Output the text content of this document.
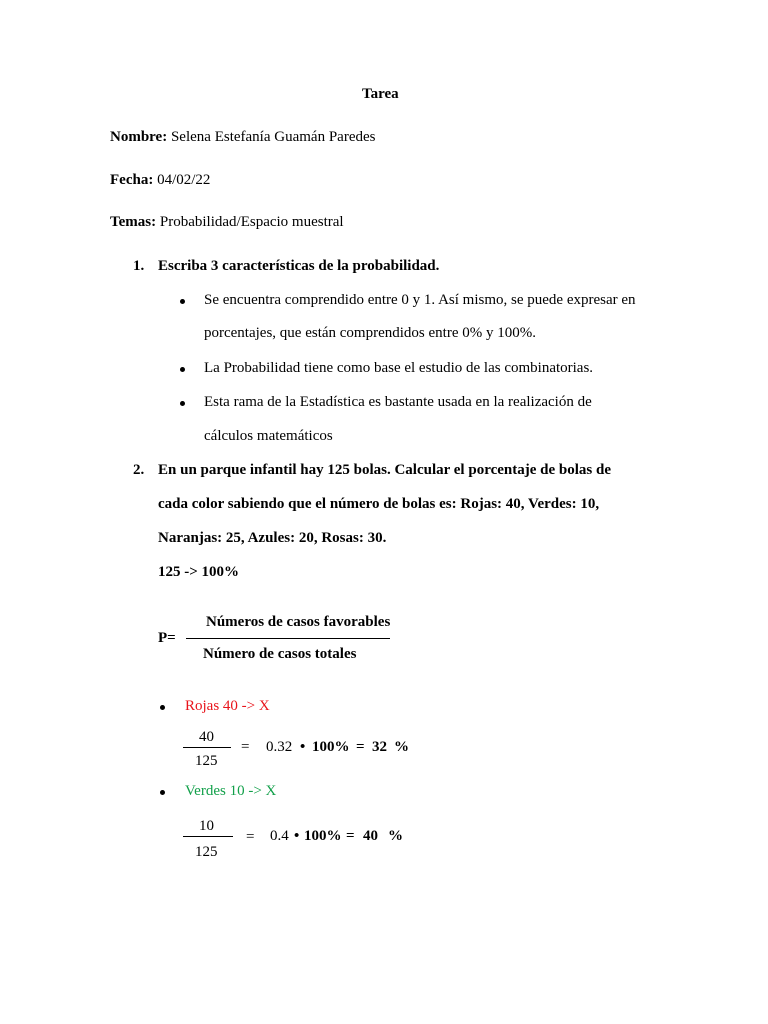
Tarea
Nombre: Selena Estefanía Guamán Paredes
Fecha: 04/02/22
Temas: Probabilidad/Espacio muestral
1. Escriba 3 características de la probabilidad.
Se encuentra comprendido entre 0 y 1. Así mismo, se puede expresar en
porcentajes, que están comprendidos entre 0% y 100%.
La Probabilidad tiene como base el estudio de las combinatorias.
Esta rama de la Estadística es bastante usada en la realización de
cálculos matemáticos
2. En un parque infantil hay 125 bolas. Calcular el porcentaje de bolas de
cada color sabiendo que el número de bolas es: Rojas: 40, Verdes: 10,
Naranjas: 25, Azules: 20, Rosas: 30.
125 -> 100%
P=
Números de casos favorables
Número de casos totales
Rojas 40 -> X
40
125
= 0.32 • 100% = 32 %
Verdes 10 -> X
10
125
= 0.4 • 100% = 40 %
